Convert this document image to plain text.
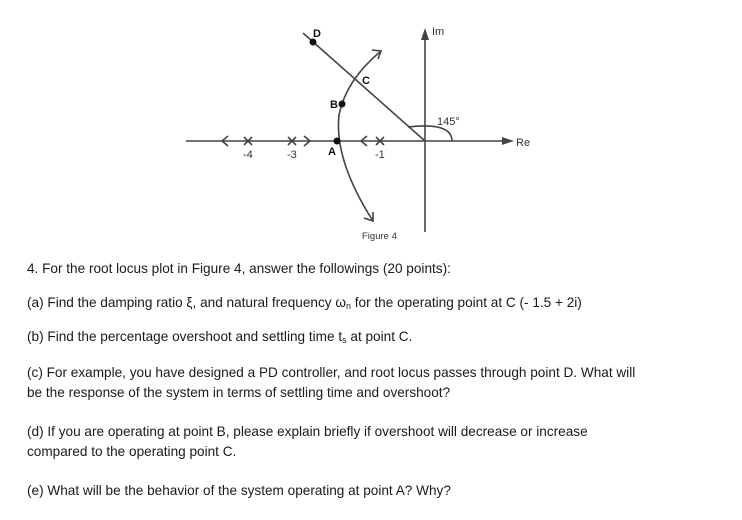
-4	-3	-1
Im
Re
145°
Figure 4
A
B
C
D
4. For the root locus plot in Figure 4, answer the followings (20 points):
(a) Find the damping ratio ξ, and natural frequency $\omega_n$ for the operating point at C (- 1.5 + 2i)
(b) Find the percentage overshoot and settling time $t_s$ at point C.
(c) For example, you have designed a PD controller, and root locus passes through point D. What will
be the response of the system in terms of settling time and overshoot?
(d) If you are operating at point B, please explain briefly if overshoot will decrease or increase
compared to the operating point C.
(e) What will be the behavior of the system operating at point A? Why?
